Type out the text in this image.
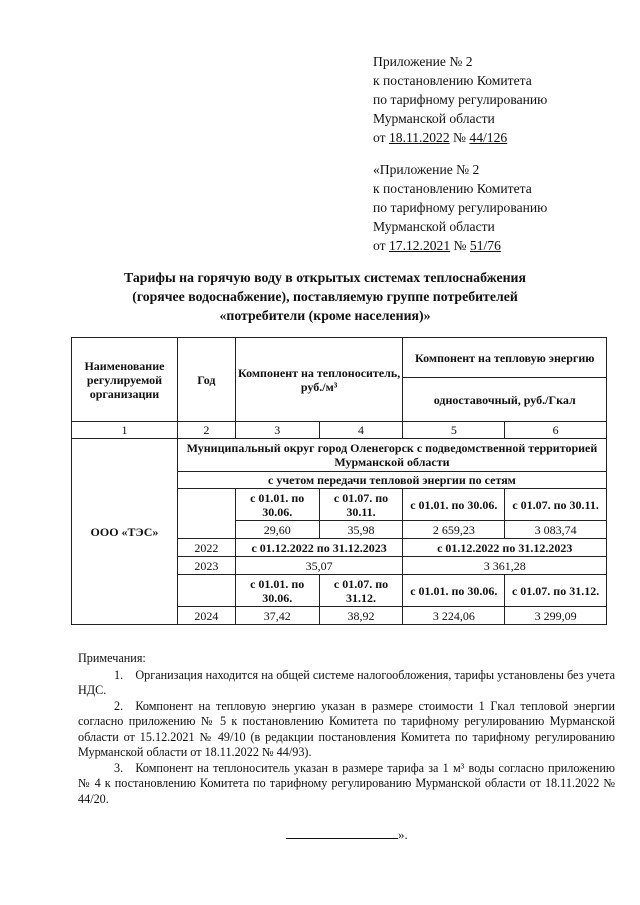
Приложение № 2
к постановлению Комитета
по тарифному регулированию
Мурманской области
от 18.11.2022 № 44/126
«Приложение № 2
к постановлению Комитета
по тарифному регулированию
Мурманской области
от 17.12.2021 № 51/76
Тарифы на горячую воду в открытых системах теплоснабжения
(горячее водоснабжение), поставляемую группе потребителей
«потребители (кроме населения)»
Наименование регулируемой организации	Год	Компонент на теплоноситель, руб./м³		Компонент на тепловую энергию	
				одноставочный, руб./Гкал	
1	2	3	4	5	6
ООО «ТЭС»	Муниципальный округ город Оленегорск с подведомственной территорией Мурманской области				
	с учетом передачи тепловой энергии по сетям				
		с 01.01. по 30.06.	с 01.07. по 30.11.	с 01.01. по 30.06.	с 01.07. по 30.11.
		29,60	35,98	2 659,23	3 083,74
	2022	с 01.12.2022 по 31.12.2023		с 01.12.2022 по 31.12.2023	
	2023	35,07		3 361,28	
		с 01.01. по 30.06.	с 01.07. по 31.12.	с 01.01. по 30.06.	с 01.07. по 31.12.
	2024	37,42	38,92	3 224,06	3 299,09

Примечания:

1. Организация находится на общей системе налогообложения, тарифы установлены без учета НДС.

2. Компонент на тепловую энергию указан в размере стоимости 1 Гкал тепловой энергии согласно приложению № 5 к постановлению Комитета по тарифному регулированию Мурманской области от 15.12.2021 № 49/10 (в редакции постановления Комитета по тарифному регулированию Мурманской области от 18.11.2022 № 44/93).

3. Компонент на теплоноситель указан в размере тарифа за 1 м³ воды согласно приложению № 4 к постановлению Комитета по тарифному регулированию Мурманской области от 18.11.2022 № 44/20.

».
